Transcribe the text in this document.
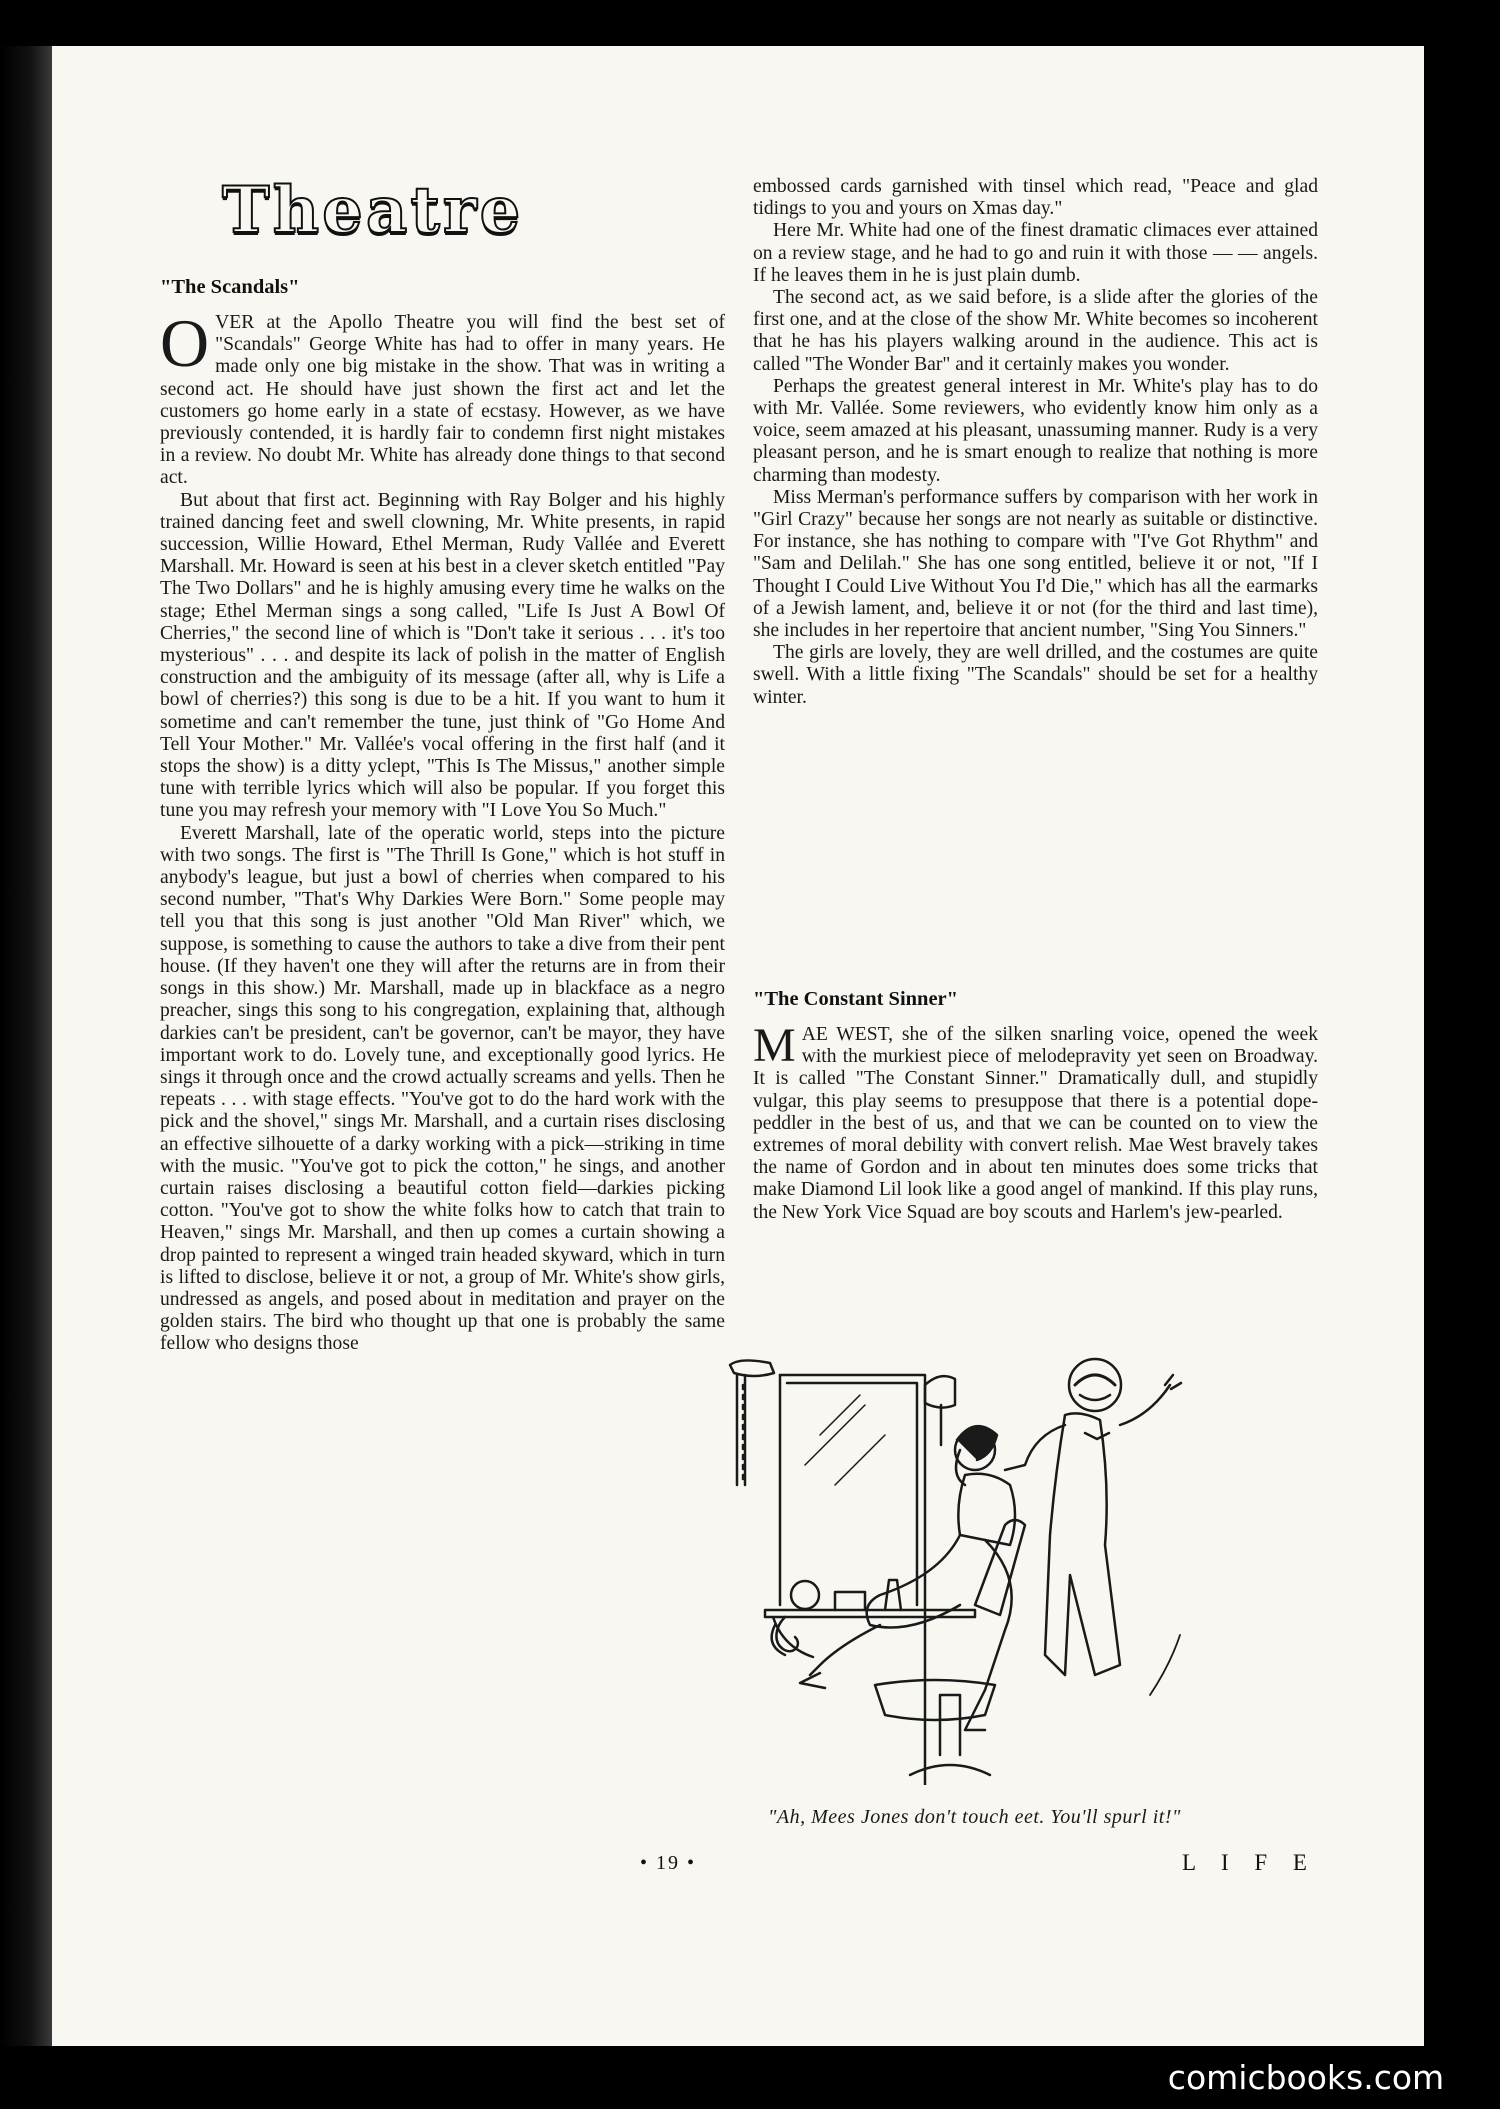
Theatre
"The Scandals"

OVER at the Apollo Theatre you will find the best set of "Scandals" George White has had to offer in many years. He made only one big mistake in the show. That was in writing a second act. He should have just shown the first act and let the customers go home early in a state of ecstasy. However, as we have previously contended, it is hardly fair to condemn first night mistakes in a review. No doubt Mr. White has already done things to that second act.

But about that first act. Beginning with Ray Bolger and his highly trained dancing feet and swell clowning, Mr. White presents, in rapid succession, Willie Howard, Ethel Merman, Rudy Vallée and Everett Marshall. Mr. Howard is seen at his best in a clever sketch entitled "Pay The Two Dollars" and he is highly amusing every time he walks on the stage; Ethel Merman sings a song called, "Life Is Just A Bowl Of Cherries," the second line of which is "Don't take it serious . . . it's too mysterious" . . . and despite its lack of polish in the matter of English construction and the ambiguity of its message (after all, why is Life a bowl of cherries?) this song is due to be a hit. If you want to hum it sometime and can't remember the tune, just think of "Go Home And Tell Your Mother." Mr. Vallée's vocal offering in the first half (and it stops the show) is a ditty yclept, "This Is The Missus," another simple tune with terrible lyrics which will also be popular. If you forget this tune you may refresh your memory with "I Love You So Much."

Everett Marshall, late of the operatic world, steps into the picture with two songs. The first is "The Thrill Is Gone," which is hot stuff in anybody's league, but just a bowl of cherries when compared to his second number, "That's Why Darkies Were Born." Some people may tell you that this song is just another "Old Man River" which, we suppose, is something to cause the authors to take a dive from their pent house. (If they haven't one they will after the returns are in from their songs in this show.) Mr. Marshall, made up in blackface as a negro preacher, sings this song to his congregation, explaining that, although darkies can't be president, can't be governor, can't be mayor, they have important work to do. Lovely tune, and exceptionally good lyrics. He sings it through once and the crowd actually screams and yells. Then he repeats . . . with stage effects. "You've got to do the hard work with the pick and the shovel," sings Mr. Marshall, and a curtain rises disclosing an effective silhouette of a darky working with a pick—striking in time with the music. "You've got to pick the cotton," he sings, and another curtain raises disclosing a beautiful cotton field—darkies picking cotton. "You've got to show the white folks how to catch that train to Heaven," sings Mr. Marshall, and then up comes a curtain showing a drop painted to represent a winged train headed skyward, which in turn is lifted to disclose, believe it or not, a group of Mr. White's show girls, undressed as angels, and posed about in meditation and prayer on the golden stairs. The bird who thought up that one is probably the same fellow who designs those

embossed cards garnished with tinsel which read, "Peace and glad tidings to you and yours on Xmas day."

Here Mr. White had one of the finest dramatic climaces ever attained on a review stage, and he had to go and ruin it with those — — angels. If he leaves them in he is just plain dumb.

The second act, as we said before, is a slide after the glories of the first one, and at the close of the show Mr. White becomes so incoherent that he has his players walking around in the audience. This act is called "The Wonder Bar" and it certainly makes you wonder.

Perhaps the greatest general interest in Mr. White's play has to do with Mr. Vallée. Some reviewers, who evidently know him only as a voice, seem amazed at his pleasant, unassuming manner. Rudy is a very pleasant person, and he is smart enough to realize that nothing is more charming than modesty.

Miss Merman's performance suffers by comparison with her work in "Girl Crazy" because her songs are not nearly as suitable or distinctive. For instance, she has nothing to compare with "I've Got Rhythm" and "Sam and Delilah." She has one song entitled, believe it or not, "If I Thought I Could Live Without You I'd Die," which has all the earmarks of a Jewish lament, and, believe it or not (for the third and last time), she includes in her repertoire that ancient number, "Sing You Sinners."

The girls are lovely, they are well drilled, and the costumes are quite swell. With a little fixing "The Scandals" should be set for a healthy winter.

"The Constant Sinner"

MAE WEST, she of the silken snarling voice, opened the week with the murkiest piece of melodepravity yet seen on Broadway. It is called "The Constant Sinner." Dramatically dull, and stupidly vulgar, this play seems to presuppose that there is a potential dope-peddler in the best of us, and that we can be counted on to view the extremes of moral debility with convert relish. Mae West bravely takes the name of Gordon and in about ten minutes does some tricks that make Diamond Lil look like a good angel of mankind. If this play runs, the New York Vice Squad are boy scouts and Harlem's jew-pearled.

"Ah, Mees Jones don't touch eet. You'll spurl it!"
• 19 •	L I F E
comicbooks.com
